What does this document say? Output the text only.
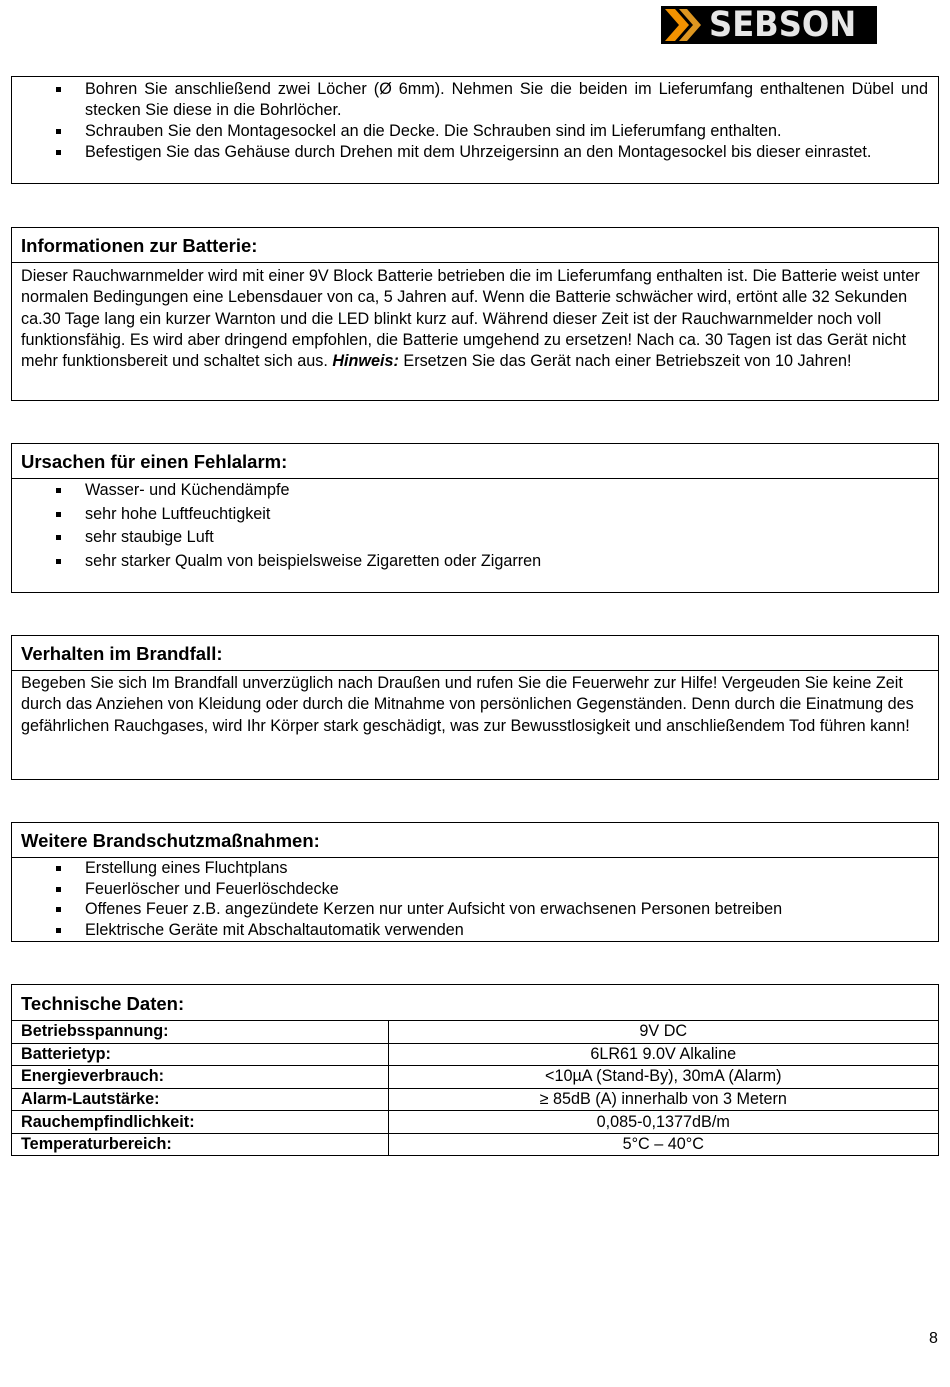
SEBSON
Bohren Sie anschließend zwei Löcher (Ø 6mm). Nehmen Sie die beiden im Lieferumfang enthaltenen Dübel und stecken Sie diese in die Bohrlöcher.
Schrauben Sie den Montagesockel an die Decke. Die Schrauben sind im Lieferumfang enthalten.
Befestigen Sie das Gehäuse durch Drehen mit dem Uhrzeigersinn an den Montagesockel bis dieser einrastet.
Informationen zur Batterie:
Dieser Rauchwarnmelder wird mit einer 9V Block Batterie betrieben die im Lieferumfang enthalten ist. Die Batterie weist unter normalen Bedingungen eine Lebensdauer von ca, 5 Jahren auf. Wenn die Batterie schwächer wird, ertönt alle 32 Sekunden ca.30 Tage lang ein kurzer Warnton und die LED blinkt kurz auf. Während dieser Zeit ist der Rauchwarnmelder noch voll funktionsfähig. Es wird aber dringend empfohlen, die Batterie umgehend zu ersetzen! Nach ca. 30 Tagen ist das Gerät nicht mehr funktionsbereit und schaltet sich aus. Hinweis: Ersetzen Sie das Gerät nach einer Betriebszeit von 10 Jahren!
Ursachen für einen Fehlalarm:
Wasser- und Küchendämpfe
sehr hohe Luftfeuchtigkeit
sehr staubige Luft
sehr starker Qualm von beispielsweise Zigaretten oder Zigarren
Verhalten im Brandfall:
Begeben Sie sich Im Brandfall unverzüglich nach Draußen und rufen Sie die Feuerwehr zur Hilfe! Vergeuden Sie keine Zeit durch das Anziehen von Kleidung oder durch die Mitnahme von persönlichen Gegenständen. Denn durch die Einatmung des gefährlichen Rauchgases, wird Ihr Körper stark geschädigt, was zur Bewusstlosigkeit und anschließendem Tod führen kann!
Weitere Brandschutzmaßnahmen:
Erstellung eines Fluchtplans
Feuerlöscher und Feuerlöschdecke
Offenes Feuer z.B. angezündete Kerzen nur unter Aufsicht von erwachsenen Personen betreiben
Elektrische Geräte mit Abschaltautomatik verwenden
Technische Daten:
Betriebsspannung:	9V DC
Batterietyp:	6LR61 9.0V Alkaline
Energieverbrauch:	<10µA (Stand-By), 30mA (Alarm)
Alarm-Lautstärke:	≥ 85dB (A) innerhalb von 3 Metern
Rauchempfindlichkeit:	0,085-0,1377dB/m
Temperaturbereich:	5°C – 40°C
8
